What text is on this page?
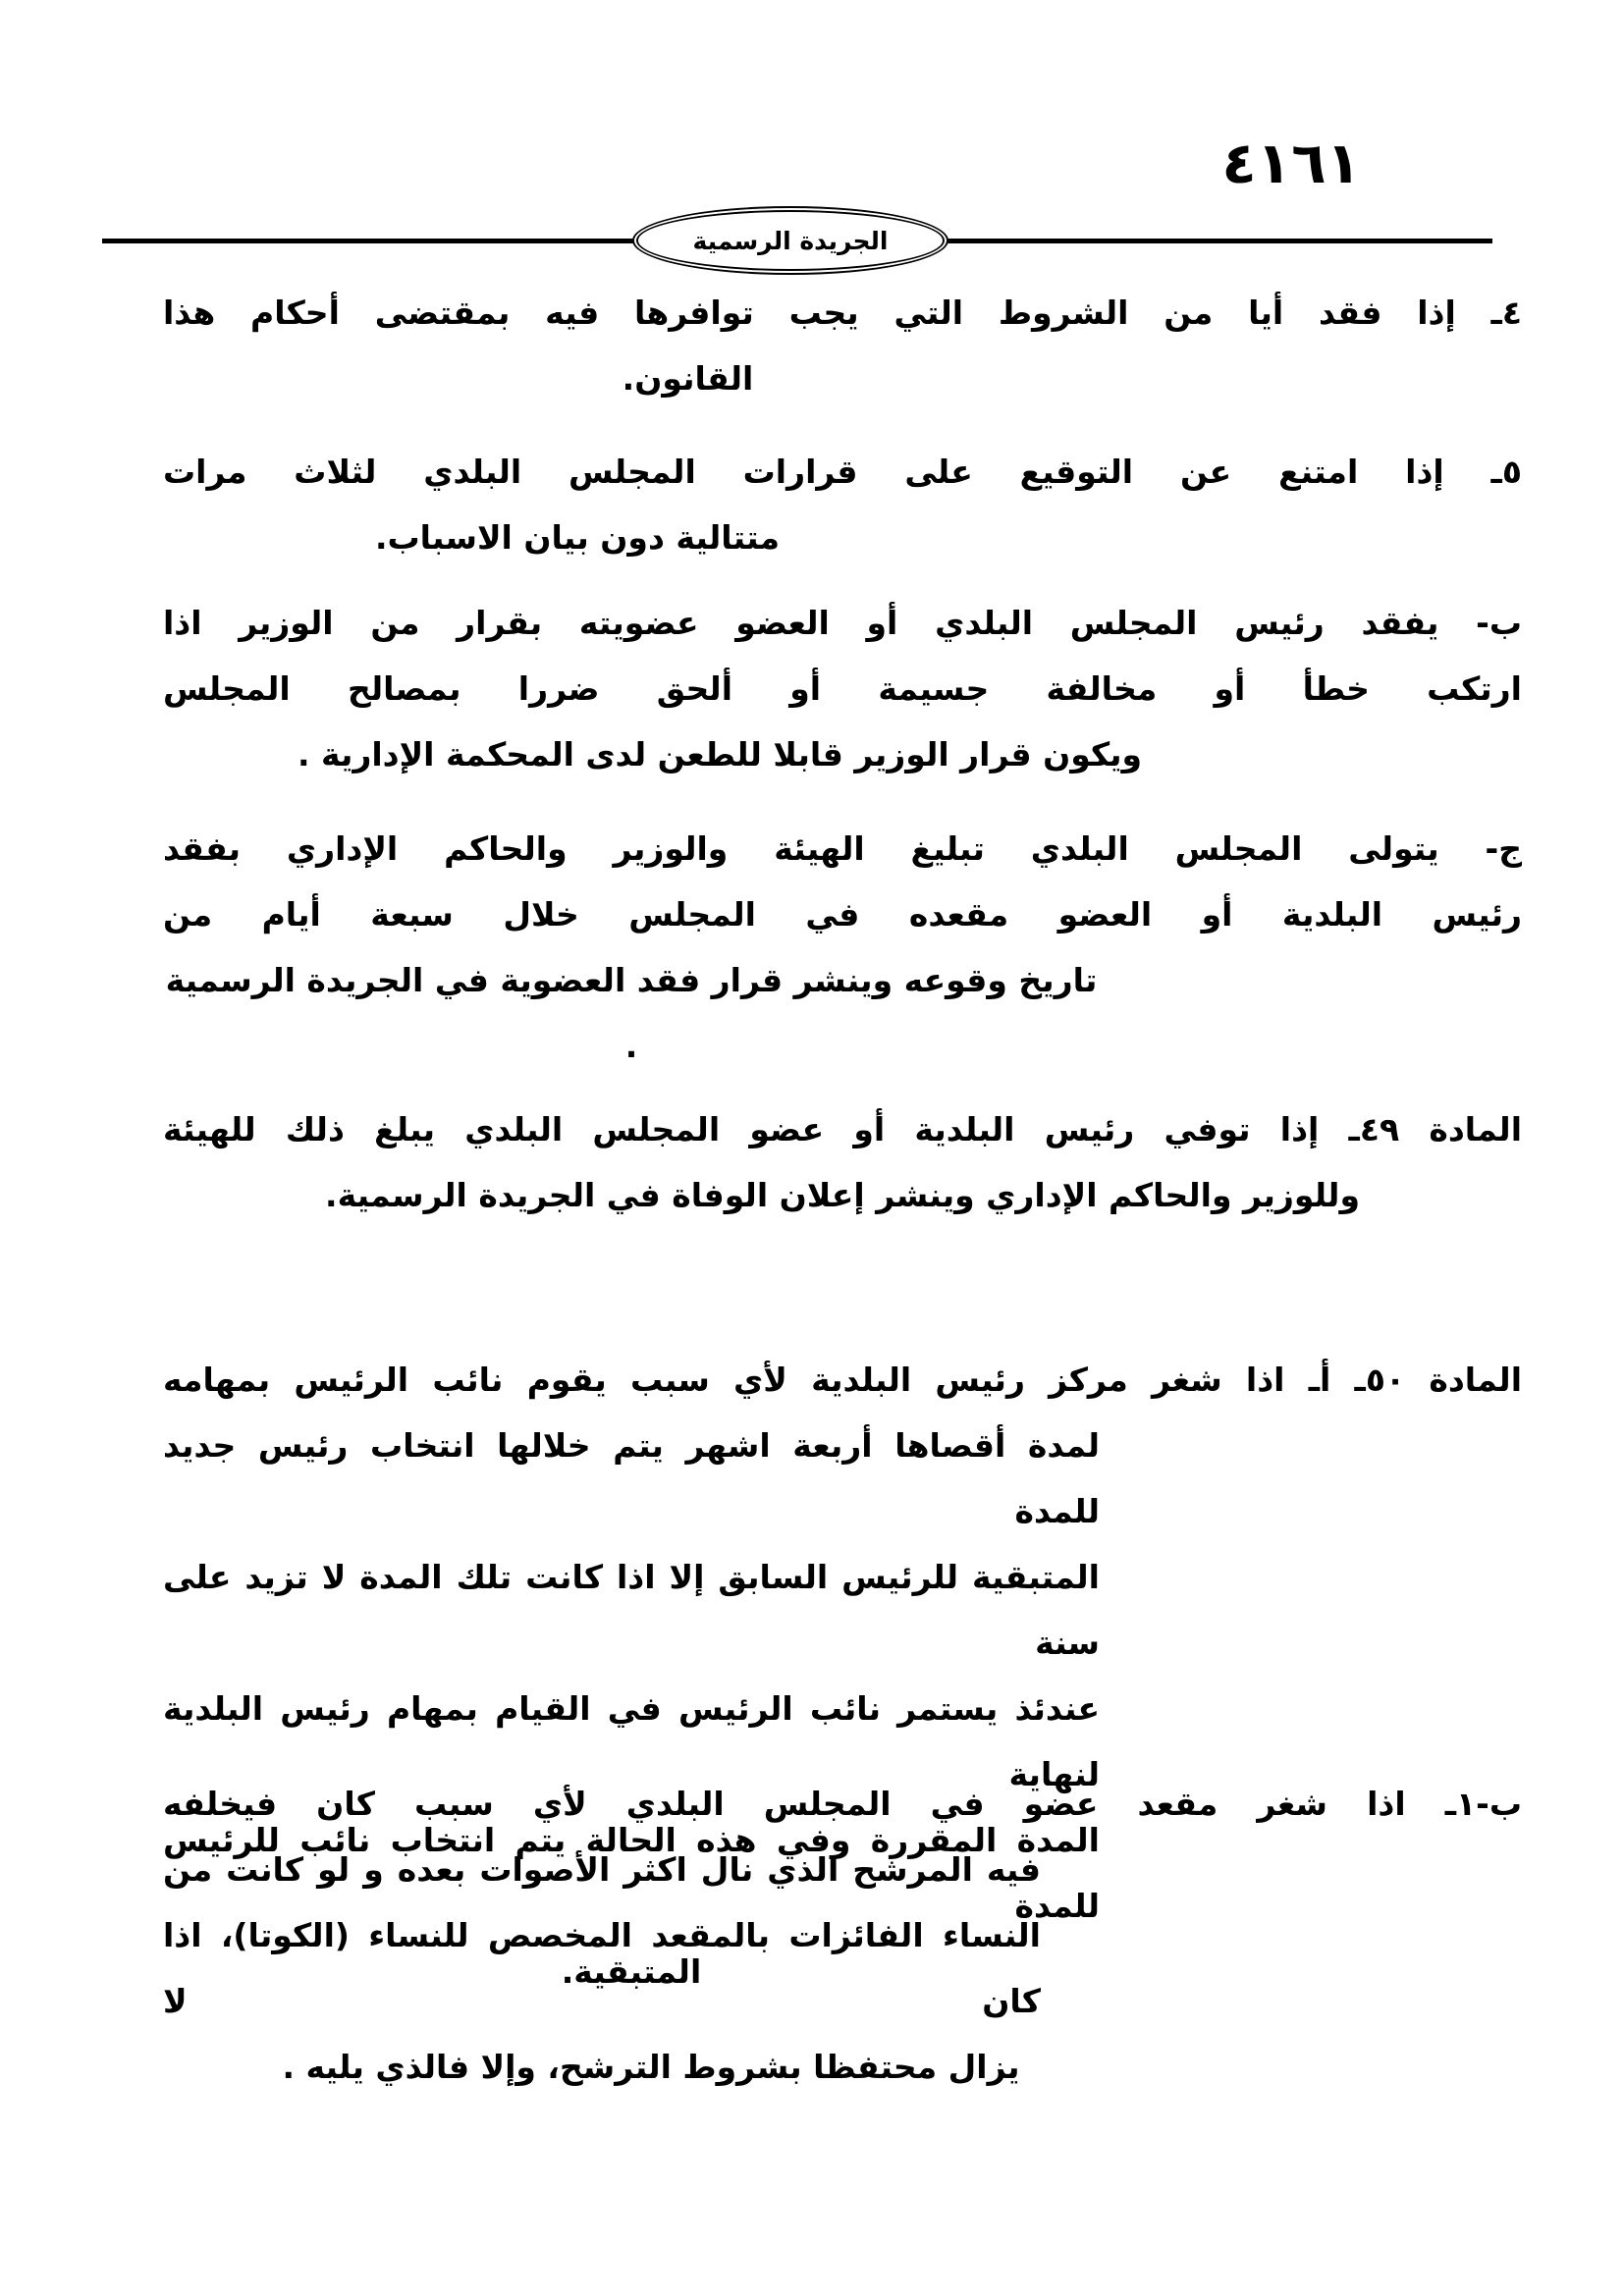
٤١٦١
الجريدة الرسمية
٤ـ إذا فقد أيا من الشروط التي يجب توافرها فيه بمقتضى أحكام هذا
القانون.
٥ـ إذا امتنع عن التوقيع على قرارات المجلس البلدي لثلاث مرات
متتالية دون بيان الاسباب.
ب- يفقد رئيس المجلس البلدي أو العضو عضويته بقرار من الوزير اذا
ارتكب خطأ أو مخالفة جسيمة أو ألحق ضررا بمصالح المجلس
ويكون قرار الوزير قابلا للطعن لدى المحكمة الإدارية .
ج- يتولى المجلس البلدي تبليغ الهيئة والوزير والحاكم الإداري بفقد
رئيس البلدية أو العضو مقعده في المجلس خلال سبعة أيام من
تاريخ وقوعه وينشر قرار فقد العضوية في الجريدة الرسمية .
المادة ٤٩ـ إذا توفي رئيس البلدية أو عضو المجلس البلدي يبلغ ذلك للهيئة
وللوزير والحاكم الإداري وينشر إعلان الوفاة في الجريدة الرسمية.
المادة ٥٠ـ أـ اذا شغر مركز رئيس البلدية لأي سبب يقوم نائب الرئيس بمهامه
لمدة أقصاها أربعة اشهر يتم خلالها انتخاب رئيس جديد للمدة
المتبقية للرئيس السابق إلا اذا كانت تلك المدة لا تزيد على سنة
عندئذ يستمر نائب الرئيس في القيام بمهام رئيس البلدية لنهاية
المدة المقررة وفي هذه الحالة يتم انتخاب نائب للرئيس للمدة
المتبقية.
ب-١ـ اذا شغر مقعد عضو في المجلس البلدي لأي سبب كان فيخلفه
فيه المرشح الذي نال اكثر الأصوات بعده و لو كانت من
النساء الفائزات بالمقعد المخصص للنساء (الكوتا)، اذا كان لا
يزال محتفظا بشروط الترشح، وإلا فالذي يليه .
